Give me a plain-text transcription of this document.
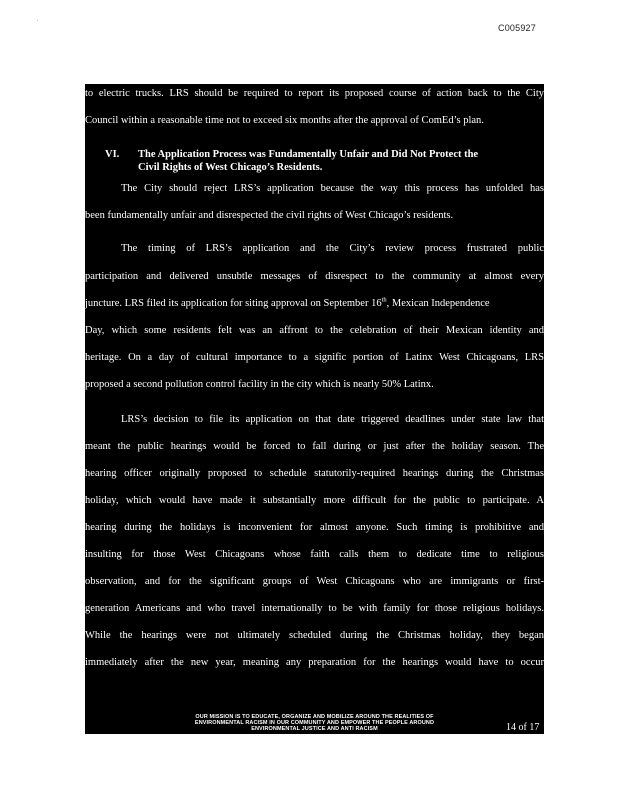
C005927
to electric trucks. LRS should be required to report its proposed course of action back to the City
Council within a reasonable time not to exceed six months after the approval of ComEd’s plan.
VI. The Application Process was Fundamentally Unfair and Did Not Protect the
Civil Rights of West Chicago’s Residents.
The City should reject LRS’s application because the way this process has unfolded has
been fundamentally unfair and disrespected the civil rights of West Chicago’s residents.
The timing of LRS’s application and the City’s review process frustrated public
participation and delivered unsubtle messages of disrespect to the community at almost every
juncture. LRS filed its application for siting approval on September 16th, Mexican Independence
Day, which some residents felt was an affront to the celebration of their Mexican identity and
heritage. On a day of cultural importance to a signific portion of Latinx West Chicagoans, LRS
proposed a second pollution control facility in the city which is nearly 50% Latinx.
LRS’s decision to file its application on that date triggered deadlines under state law that
meant the public hearings would be forced to fall during or just after the holiday season. The
hearing officer originally proposed to schedule statutorily-required hearings during the Christmas
holiday, which would have made it substantially more difficult for the public to participate. A
hearing during the holidays is inconvenient for almost anyone. Such timing is prohibitive and
insulting for those West Chicagoans whose faith calls them to dedicate time to religious
observation, and for the significant groups of West Chicagoans who are immigrants or first-
generation Americans and who travel internationally to be with family for those religious holidays.
While the hearings were not ultimately scheduled during the Christmas holiday, they began
immediately after the new year, meaning any preparation for the hearings would have to occur
OUR MISSION IS TO EDUCATE, ORGANIZE AND MOBILIZE AROUND THE REALITIES OF
ENVIRONMENTAL RACISM IN OUR COMMUNITY AND EMPOWER THE PEOPLE AROUND
ENVIRONMENTAL JUSTICE AND ANTI RACISM	14 of 17
